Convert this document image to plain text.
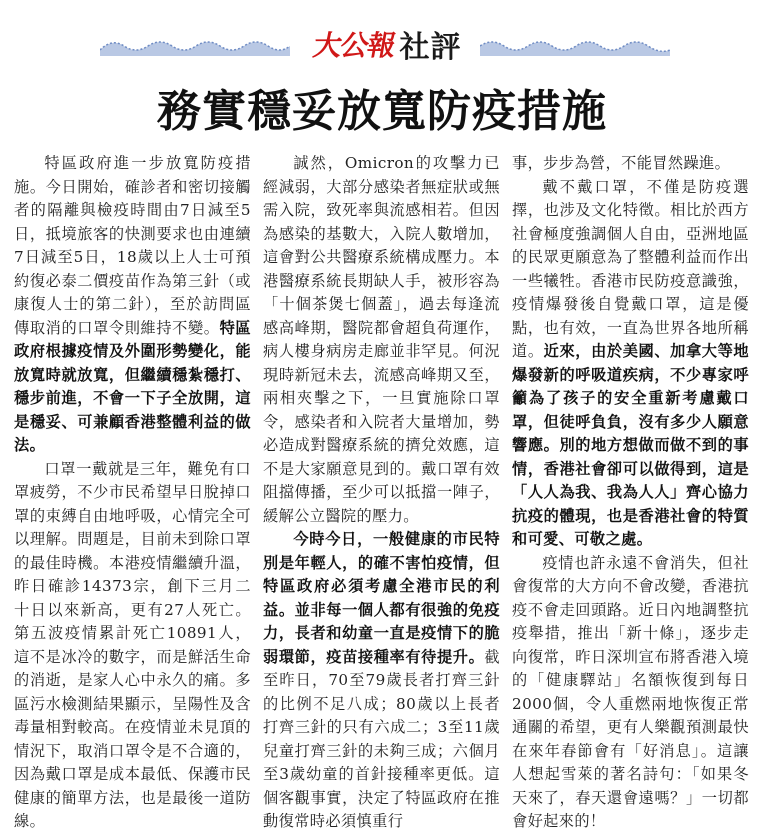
大公報 社評
務實穩妥放寬防疫措施

特區政府進一步放寬防疫措施。今日開始，確診者和密切接觸者的隔離與檢疫時間由7日減至5日，抵境旅客的快測要求也由連續7日減至5日，18歲以上人士可預約復必泰二價疫苗作為第三針（或康復人士的第二針），至於訪問區傳取消的口罩令則維持不變。特區政府根據疫情及外圍形勢變化，能放寬時就放寬，但繼續穩紮穩打、穩步前進，不會一下子全放開，這是穩妥、可兼顧香港整體利益的做法。

口罩一戴就是三年，難免有口罩疲勞，不少市民希望早日脫掉口罩的束縛自由地呼吸，心情完全可以理解。問題是，目前未到除口罩的最佳時機。本港疫情繼續升溫，昨日確診14373宗，創下三月二十日以來新高，更有27人死亡。第五波疫情累計死亡10891人，這不是冰冷的數字，而是鮮活生命的消逝，是家人心中永久的痛。多區污水檢測結果顯示，呈陽性及含毒量相對較高。在疫情並未見頂的情況下，取消口罩令是不合適的，因為戴口罩是成本最低、保護市民健康的簡單方法，也是最後一道防線。

誠然，Omicron的攻擊力已經減弱，大部分感染者無症狀或無需入院，致死率與流感相若。但因為感染的基數大，入院人數增加，這會對公共醫療系統構成壓力。本港醫療系統長期缺人手，被形容為「十個茶煲七個蓋」，過去每逢流感高峰期，醫院都會超負荷運作，病人樓身病房走廊並非罕見。何況現時新冠未去，流感高峰期又至，兩相夾擊之下，一旦實施除口罩令，感染者和入院者大量增加，勢必造成對醫療系統的擠兌效應，這不是大家願意見到的。戴口罩有效阻擋傳播，至少可以抵擋一陣子，緩解公立醫院的壓力。

今時今日，一般健康的市民特別是年輕人，的確不害怕疫情，但特區政府必須考慮全港市民的利益。並非每一個人都有很強的免疫力，長者和幼童一直是疫情下的脆弱環節，疫苗接種率有待提升。截至昨日，70至79歲長者打齊三針的比例不足八成；80歲以上長者打齊三針的只有六成二；3至11歲兒童打齊三針的未夠三成；六個月至3歲幼童的首針接種率更低。這個客觀事實，決定了特區政府在推動復常時必須慎重行

事，步步為營，不能冒然躁進。

戴不戴口罩，不僅是防疫選擇，也涉及文化特徵。相比於西方社會極度強調個人自由，亞洲地區的民眾更願意為了整體利益而作出一些犧牲。香港市民防疫意識強，疫情爆發後自覺戴口罩，這是優點，也有效，一直為世界各地所稱道。近來，由於美國、加拿大等地爆發新的呼吸道疾病，不少專家呼籲為了孩子的安全重新考慮戴口罩，但徒呼負負，沒有多少人願意響應。別的地方想做而做不到的事情，香港社會卻可以做得到，這是「人人為我、我為人人」齊心協力抗疫的體現，也是香港社會的特質和可愛、可敬之處。

疫情也許永遠不會消失，但社會復常的大方向不會改變，香港抗疫不會走回頭路。近日內地調整抗疫舉措，推出「新十條」，逐步走向復常，昨日深圳宣布將香港入境的「健康驛站」名額恢復到每日2000個，令人重燃兩地恢復正常通關的希望，更有人樂觀預測最快在來年春節會有「好消息」。這讓人想起雪萊的著名詩句：「如果冬天來了，春天還會遠嗎？」一切都會好起來的！
